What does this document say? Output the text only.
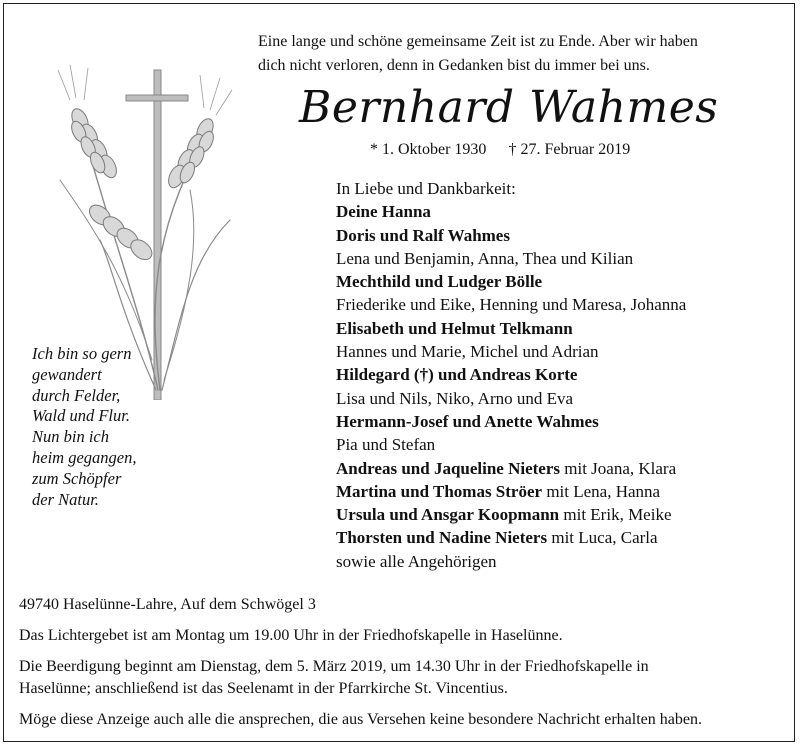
Eine lange und schöne gemeinsame Zeit ist zu Ende. Aber wir haben
dich nicht verloren, denn in Gedanken bist du immer bei uns.
Bernhard Wahmes
* 1. Oktober 1930 † 27. Februar 2019
In Liebe und Dankbarkeit:
Deine Hanna
Doris und Ralf Wahmes
Lena und Benjamin, Anna, Thea und Kilian
Mechthild und Ludger Bölle
Friederike und Eike, Henning und Maresa, Johanna
Elisabeth und Helmut Telkmann
Hannes und Marie, Michel und Adrian
Hildegard (†) und Andreas Korte
Lisa und Nils, Niko, Arno und Eva
Hermann-Josef und Anette Wahmes
Pia und Stefan
Andreas und Jaqueline Nieters mit Joana, Klara
Martina und Thomas Ströer mit Lena, Hanna
Ursula und Ansgar Koopmann mit Erik, Meike
Thorsten und Nadine Nieters mit Luca, Carla
sowie alle Angehörigen
Ich bin so gern
gewandert
durch Felder,
Wald und Flur.
Nun bin ich
heim gegangen,
zum Schöpfer
der Natur.
49740 Haselünne-Lahre, Auf dem Schwögel 3
Das Lichtergebet ist am Montag um 19.00 Uhr in der Friedhofskapelle in Haselünne.
Die Beerdigung beginnt am Dienstag, dem 5. März 2019, um 14.30 Uhr in der Friedhofskapelle in
Haselünne; anschließend ist das Seelenamt in der Pfarrkirche St. Vincentius.
Möge diese Anzeige auch alle die ansprechen, die aus Versehen keine besondere Nachricht erhalten haben.
